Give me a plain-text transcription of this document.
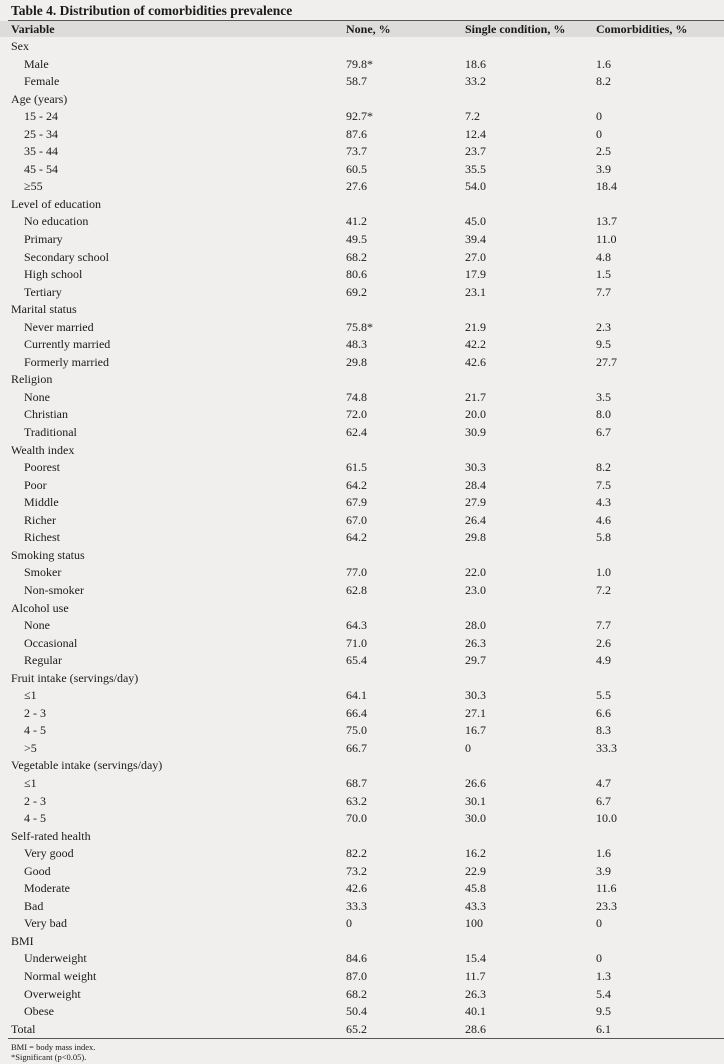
Table 4. Distribution of comorbidities prevalence
Variable	None, %	Single condition, %	Comorbidities, %
Sex
Male	79.8*	18.6	1.6
Female	58.7	33.2	8.2
Age (years)
15 - 24	92.7*	7.2	0
25 - 34	87.6	12.4	0
35 - 44	73.7	23.7	2.5
45 - 54	60.5	35.5	3.9
≥55	27.6	54.0	18.4
Level of education
No education	41.2	45.0	13.7
Primary	49.5	39.4	11.0
Secondary school	68.2	27.0	4.8
High school	80.6	17.9	1.5
Tertiary	69.2	23.1	7.7
Marital status
Never married	75.8*	21.9	2.3
Currently married	48.3	42.2	9.5
Formerly married	29.8	42.6	27.7
Religion
None	74.8	21.7	3.5
Christian	72.0	20.0	8.0
Traditional	62.4	30.9	6.7
Wealth index
Poorest	61.5	30.3	8.2
Poor	64.2	28.4	7.5
Middle	67.9	27.9	4.3
Richer	67.0	26.4	4.6
Richest	64.2	29.8	5.8
Smoking status
Smoker	77.0	22.0	1.0
Non-smoker	62.8	23.0	7.2
Alcohol use
None	64.3	28.0	7.7
Occasional	71.0	26.3	2.6
Regular	65.4	29.7	4.9
Fruit intake (servings/day)
≤1	64.1	30.3	5.5
2 - 3	66.4	27.1	6.6
4 - 5	75.0	16.7	8.3
>5	66.7	0	33.3
Vegetable intake (servings/day)
≤1	68.7	26.6	4.7
2 - 3	63.2	30.1	6.7
4 - 5	70.0	30.0	10.0
Self-rated health
Very good	82.2	16.2	1.6
Good	73.2	22.9	3.9
Moderate	42.6	45.8	11.6
Bad	33.3	43.3	23.3
Very bad	0	100	0
BMI
Underweight	84.6	15.4	0
Normal weight	87.0	11.7	1.3
Overweight	68.2	26.3	5.4
Obese	50.4	40.1	9.5
Total	65.2	28.6	6.1
BMI = body mass index.
*Significant (p<0.05).
